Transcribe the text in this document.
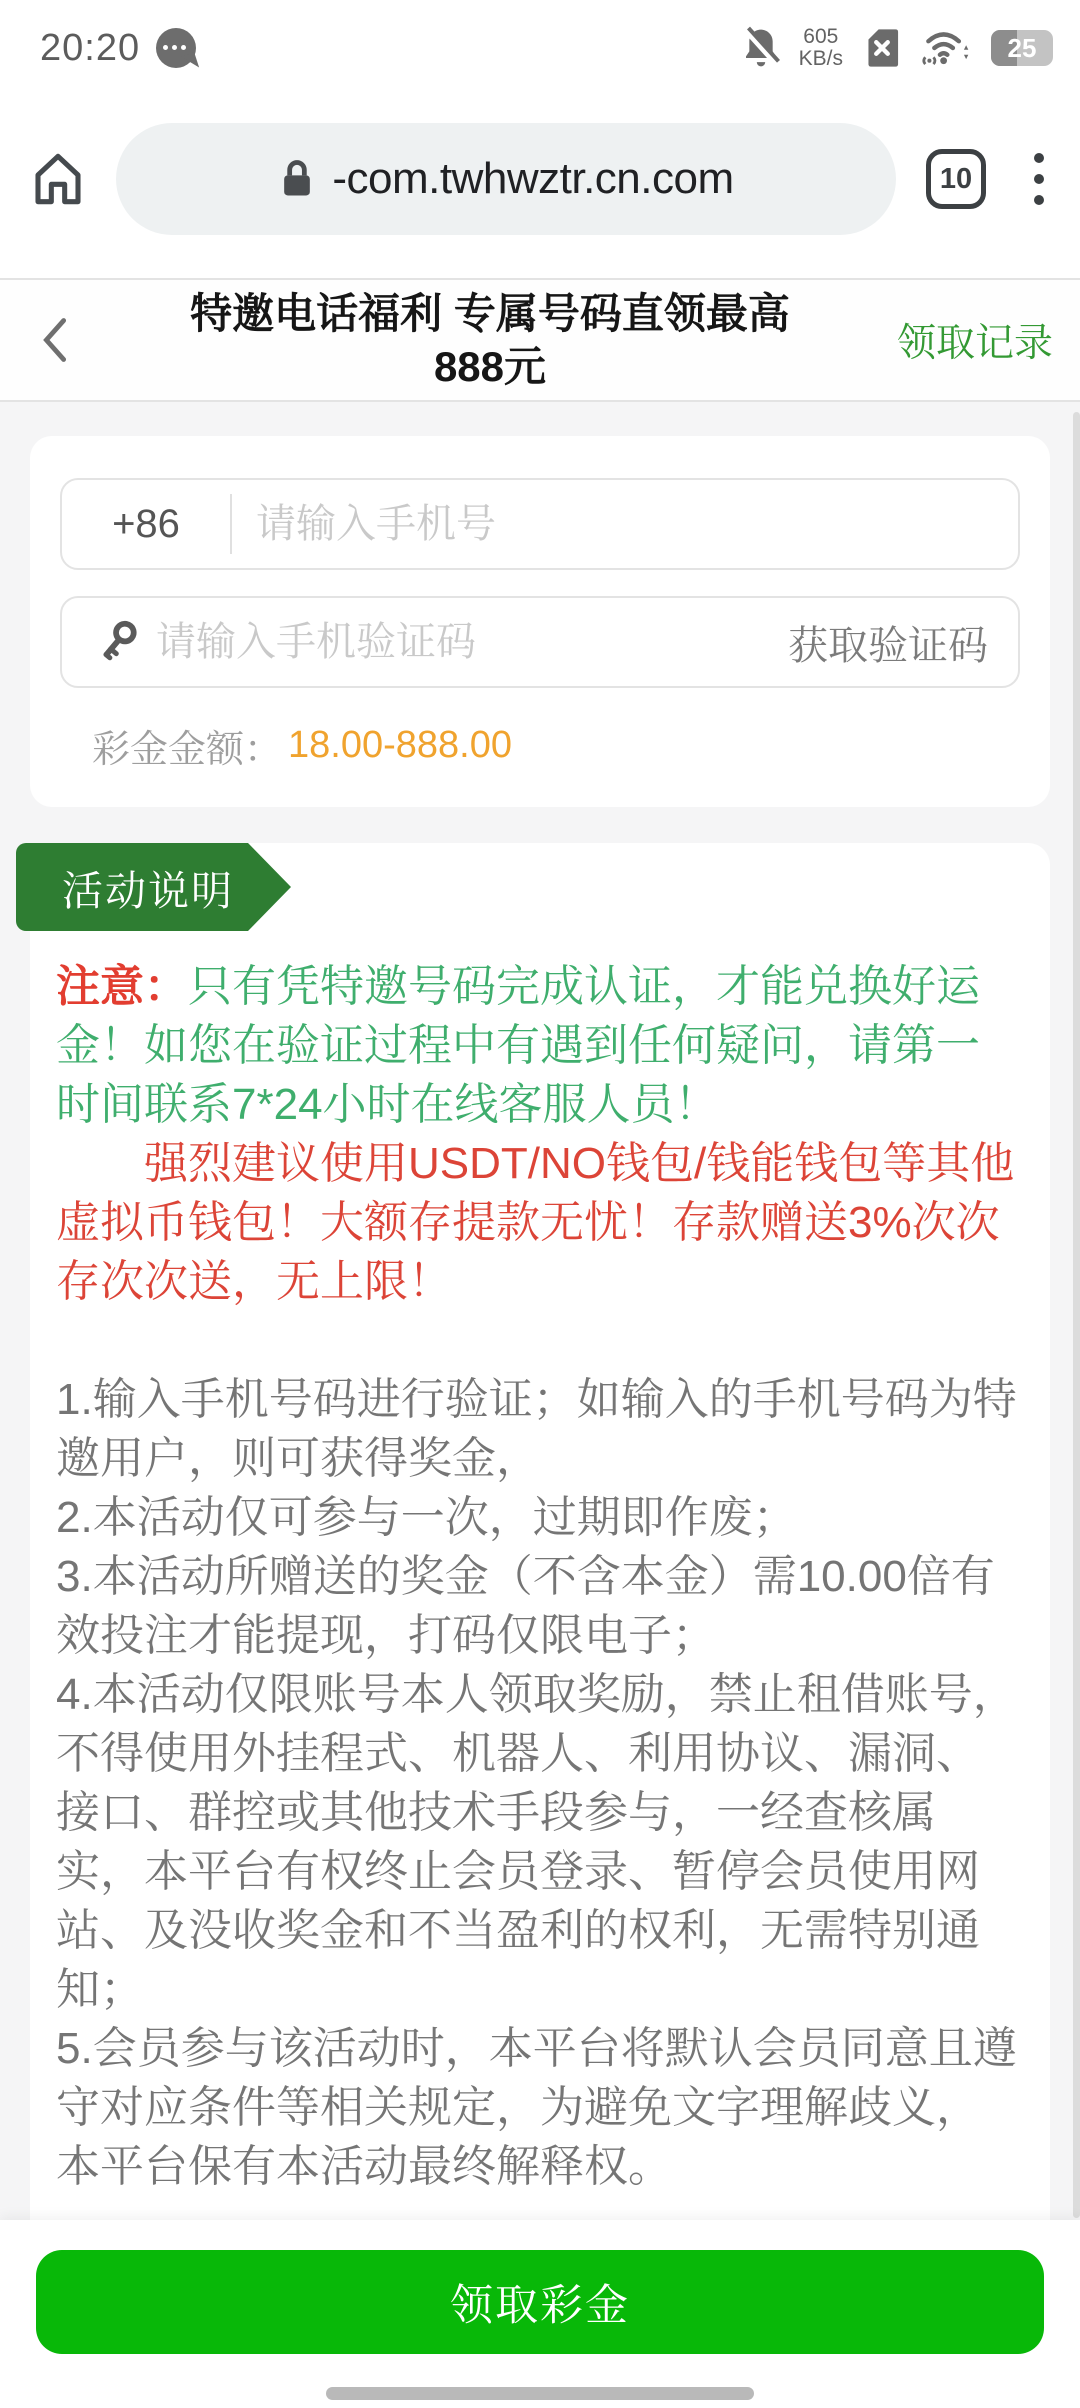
20:20	605
KB/s	25
-com.twhwztr.cn.com	10
特邀电话福利 专属号码直领最高
888元	领取记录
+86
请输入手机号
请输入手机验证码
获取验证码
彩金金额： 18.00-888.00
活动说明

注意：只有凭特邀号码完成认证，才能兑换好运金！如您在验证过程中有遇到任何疑问，请第一时间联系7*24小时在线客服人员！

强烈建议使用USDT/NO钱包/钱能钱包等其他虚拟币钱包！大额存提款无忧！存款赠送3%次次存次次送，无上限！

1.输入手机号码进行验证；如输入的手机号码为特邀用户，则可获得奖金，

2.本活动仅可参与一次，过期即作废；

3.本活动所赠送的奖金（不含本金）需10.00倍有效投注才能提现，打码仅限电子；

4.本活动仅限账号本人领取奖励，禁止租借账号，不得使用外挂程式、机器人、利用协议、漏洞、接口、群控或其他技术手段参与，一经查核属实，本平台有权终止会员登录、暂停会员使用网站、及没收奖金和不当盈利的权利，无需特别通知；

5.会员参与该活动时，本平台将默认会员同意且遵守对应条件等相关规定，为避免文字理解歧义，本平台保有本活动最终解释权。

领取彩金
